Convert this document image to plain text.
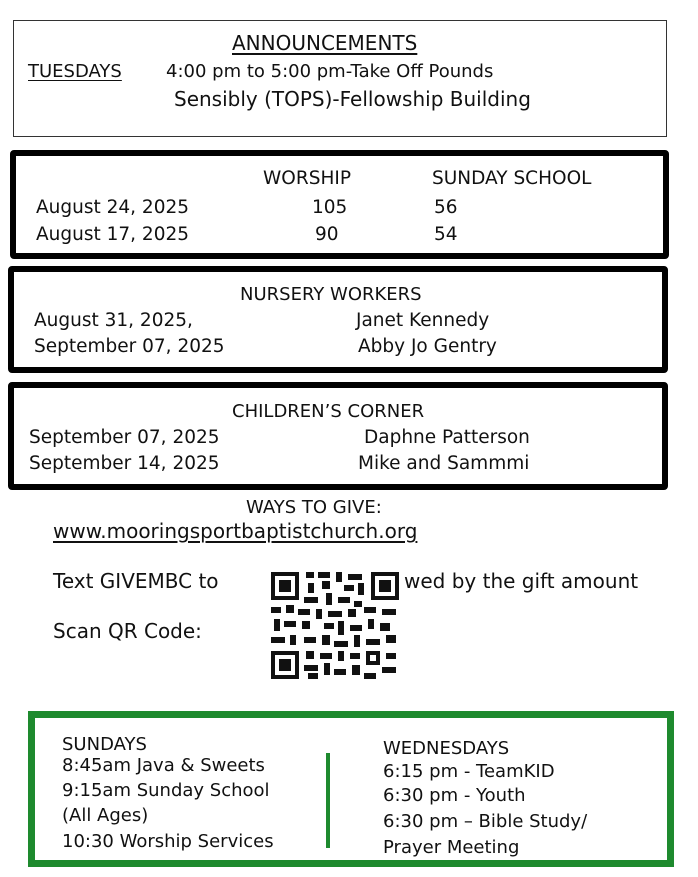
ANNOUNCEMENTS
TUESDAYS 4:00 pm to 5:00 pm-Take Off Pounds
Sensibly (TOPS)-Fellowship Building
WORSHIP	SUNDAY SCHOOL
August 24, 2025	105	56
August 17, 2025	90	54
NURSERY WORKERS
August 31, 2025,	Janet Kennedy
September 07, 2025	Abby Jo Gentry
CHILDREN’S CORNER
September 07, 2025	Daphne Patterson
September 14, 2025	Mike and Sammmi
WAYS TO GIVE:
www.mooringsportbaptistchurch.org
Text GIVEMBC to	wed by the gift amount
Scan QR Code:
SUNDAYS
8:45am Java & Sweets
9:15am Sunday School
(All Ages)
10:30 Worship Services
WEDNESDAYS
6:15 pm - TeamKID
6:30 pm - Youth
6:30 pm – Bible Study/
Prayer Meeting
